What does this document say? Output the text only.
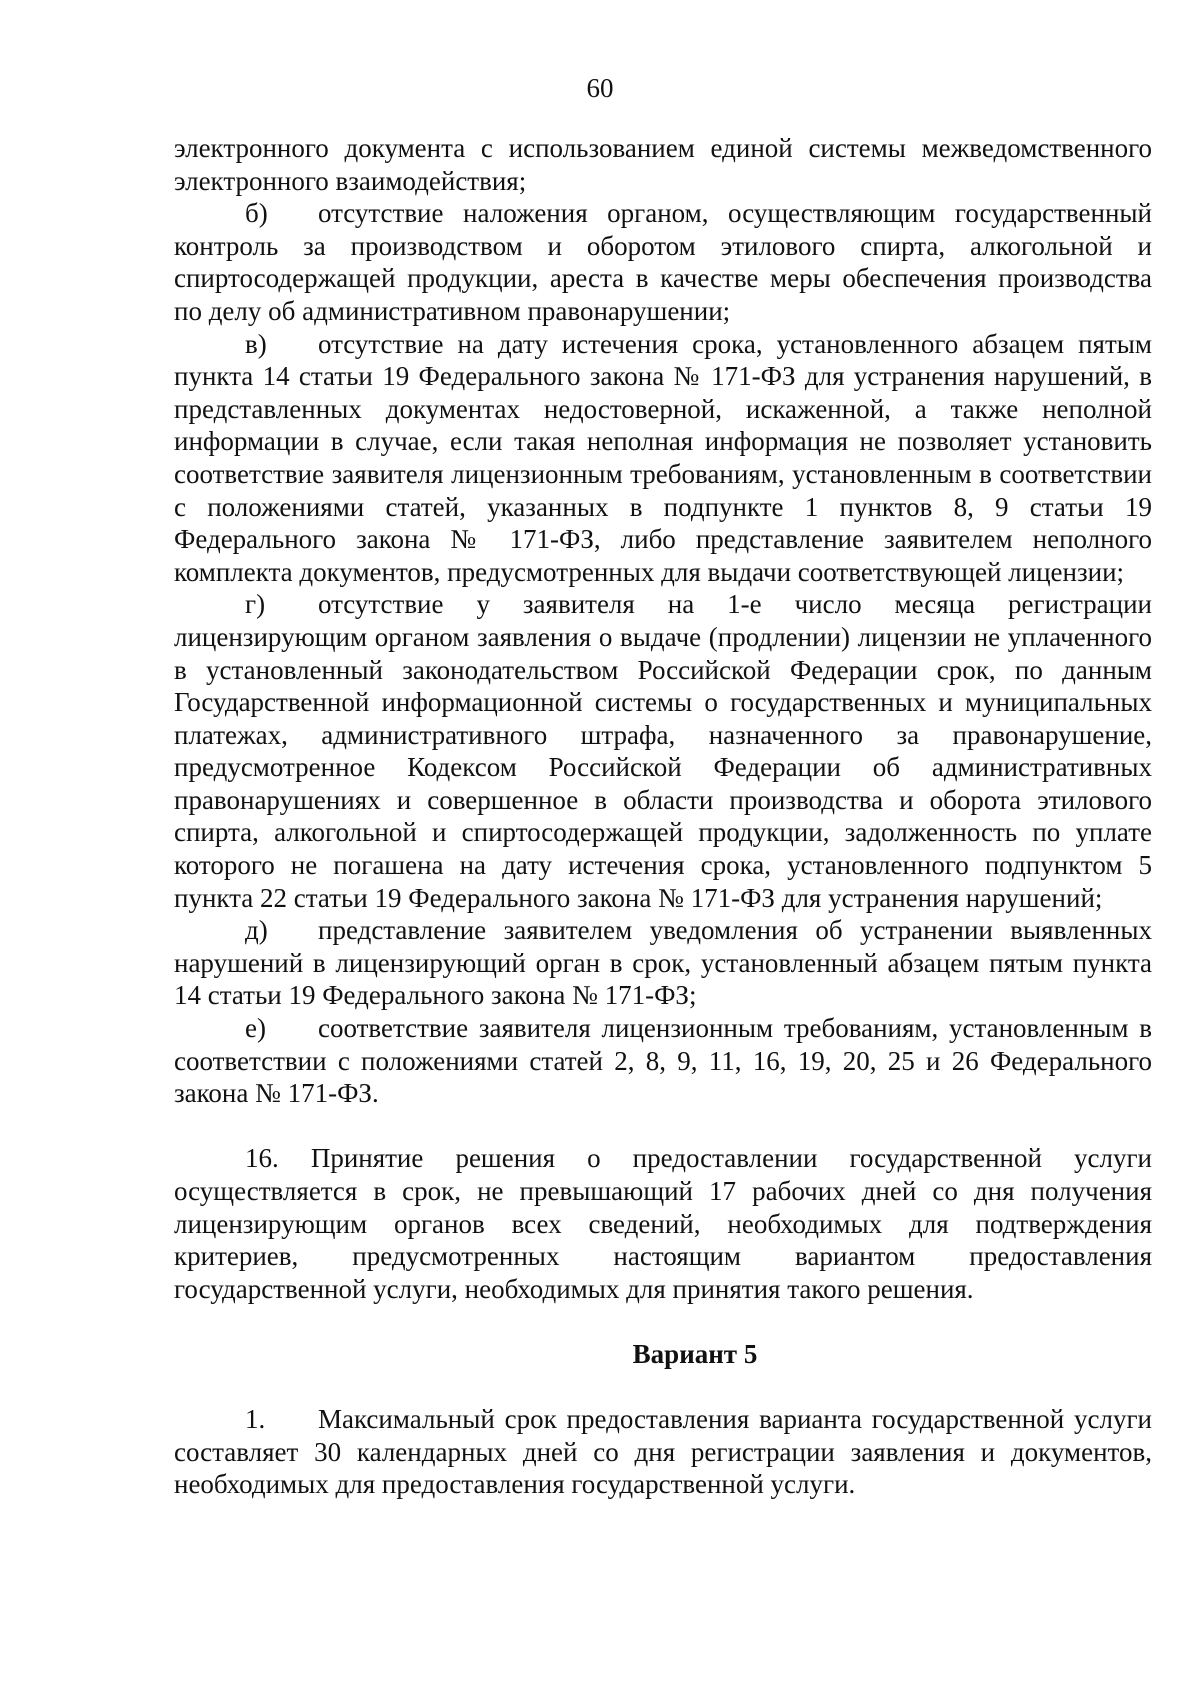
60

электронного документа с использованием единой системы межведомственного электронного взаимодействия;

б) отсутствие наложения органом, осуществляющим государственный контроль за производством и оборотом этилового спирта, алкогольной и спиртосодержащей продукции, ареста в качестве меры обеспечения производства по делу об административном правонарушении;

в) отсутствие на дату истечения срока, установленного абзацем пятым пункта 14 статьи 19 Федерального закона № 171-ФЗ для устранения нарушений, в представленных документах недостоверной, искаженной, а также неполной информации в случае, если такая неполная информация не позволяет установить соответствие заявителя лицензионным требованиям, установленным в соответствии с положениями статей, указанных в подпункте 1 пунктов 8, 9 статьи 19 Федерального закона № 171-ФЗ, либо представление заявителем неполного комплекта документов, предусмотренных для выдачи соответствующей лицензии;

г) отсутствие у заявителя на 1-е число месяца регистрации лицензирующим органом заявления о выдаче (продлении) лицензии не уплаченного в установленный законодательством Российской Федерации срок, по данным Государственной информационной системы о государственных и муниципальных платежах, административного штрафа, назначенного за правонарушение, предусмотренное Кодексом Российской Федерации об административных правонарушениях и совершенное в области производства и оборота этилового спирта, алкогольной и спиртосодержащей продукции, задолженность по уплате которого не погашена на дату истечения срока, установленного подпунктом 5 пункта 22 статьи 19 Федерального закона № 171-ФЗ для устранения нарушений;

д) представление заявителем уведомления об устранении выявленных нарушений в лицензирующий орган в срок, установленный абзацем пятым пункта 14 статьи 19 Федерального закона № 171-ФЗ;

е) соответствие заявителя лицензионным требованиям, установленным в соответствии с положениями статей 2, 8, 9, 11, 16, 19, 20, 25 и 26 Федерального закона № 171-ФЗ.

16. Принятие решения о предоставлении государственной услуги осуществляется в срок, не превышающий 17 рабочих дней со дня получения лицензирующим органов всех сведений, необходимых для подтверждения критериев, предусмотренных настоящим вариантом предоставления государственной услуги, необходимых для принятия такого решения.

Вариант 5

1. Максимальный срок предоставления варианта государственной услуги составляет 30 календарных дней со дня регистрации заявления и документов, необходимых для предоставления государственной услуги.
